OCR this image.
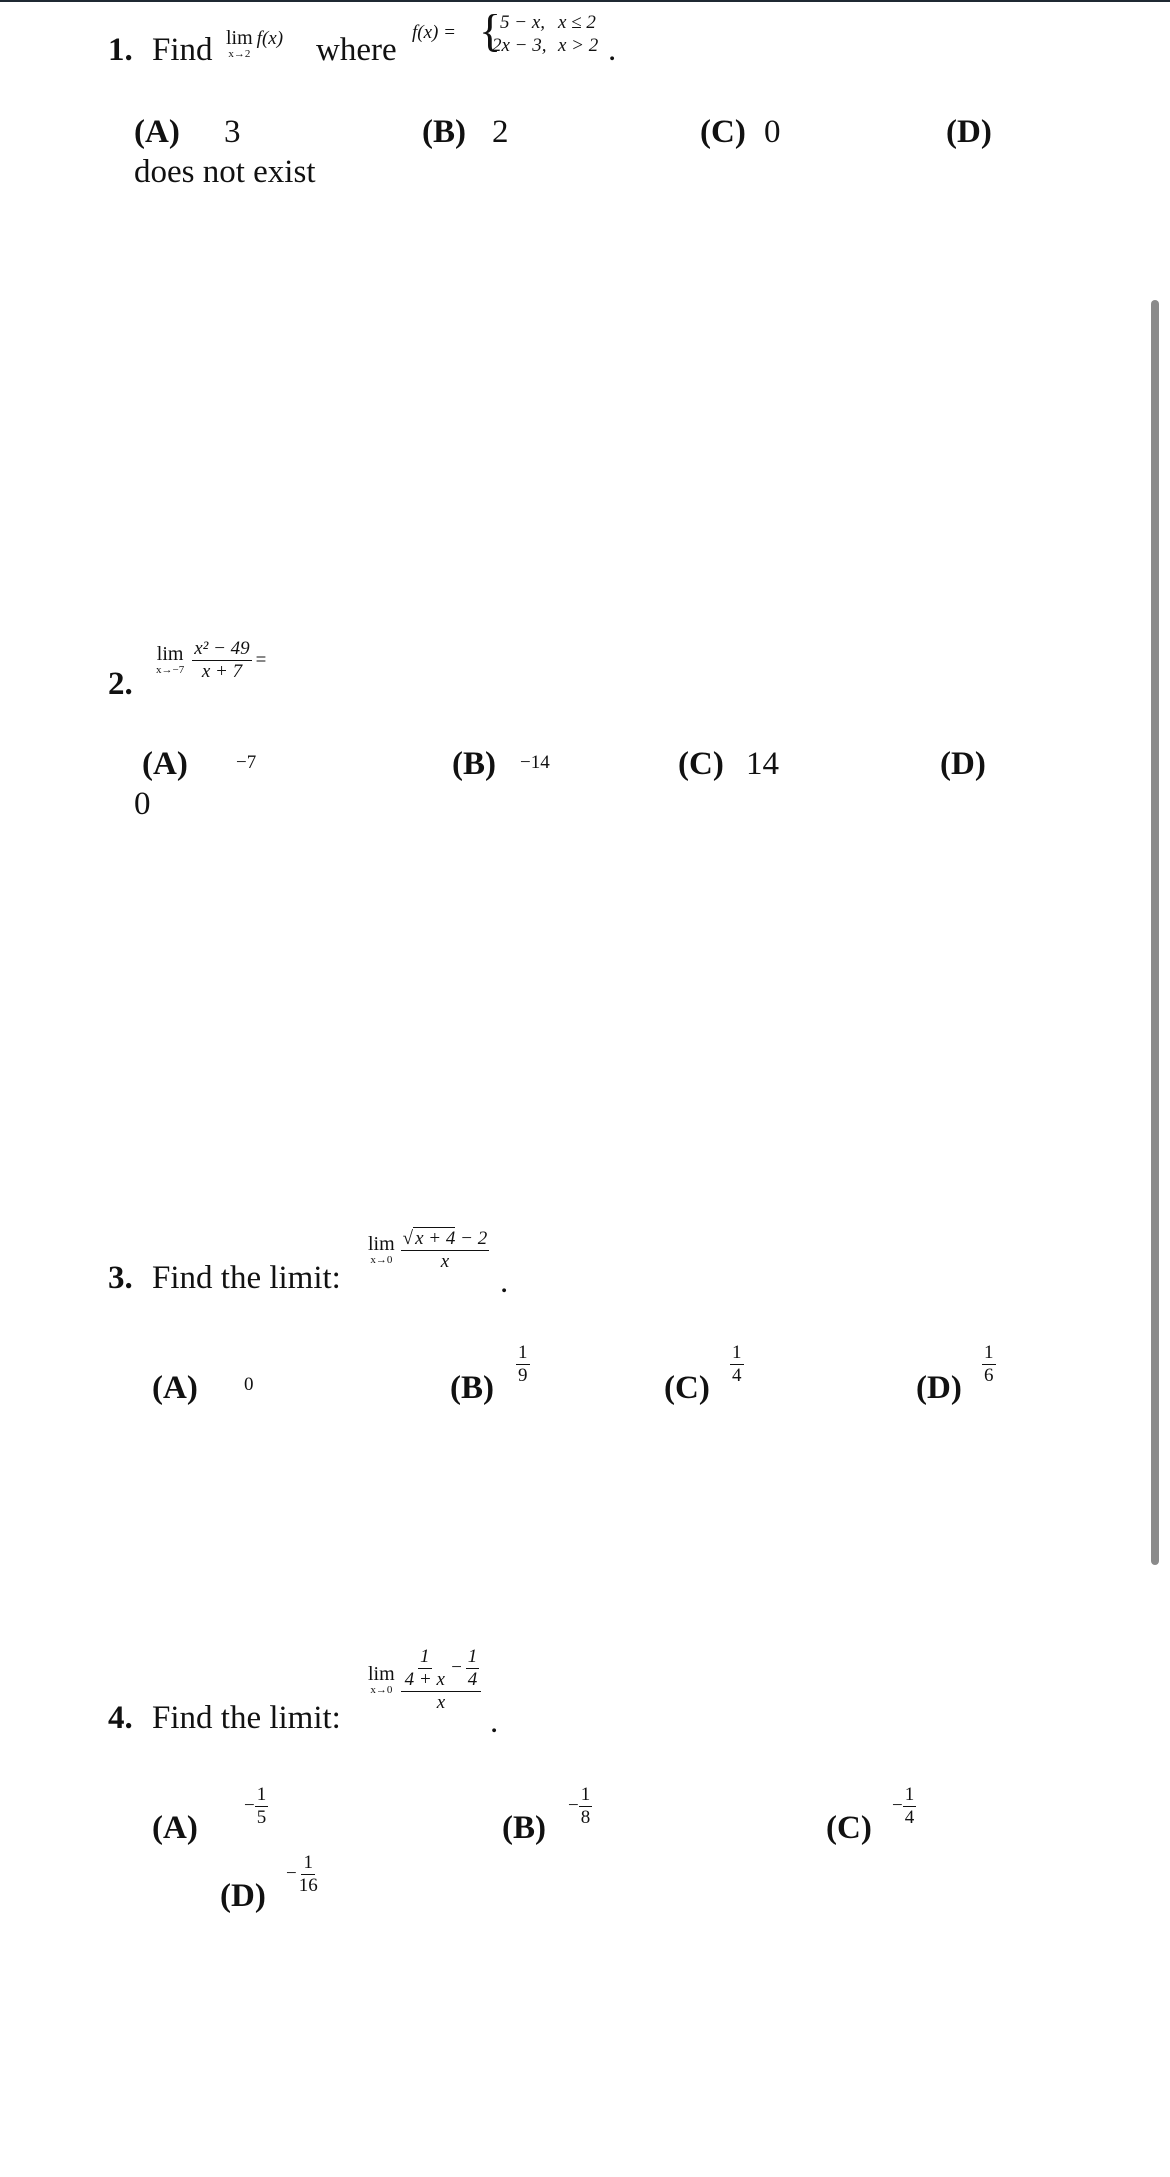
1. Find lim
x→2
f(x) where f(x) = {
5 − x, x ≤ 2
2x − 3, x > 2 .
(A) 3	(B) 2	(C) 0	(D)
does not exist
2.
lim
x→−7
$\frac{\text{x² − 49}}{x + 7}$ =
(A)	−7	(B) −14	(C) 14	(D)
0
3. Find the limit:
lim
x→0
$\frac{√ x + 4 - 2}{x}$
.
(A) 0	(B)
$\frac{1}{9}$
(C)
$\frac{1}{4}$
(D)
$\frac{1}{6}$
4. Find the limit:
lim
x→0
$\frac{\frac{1}{4 + x} - \frac{1}{4}}{x}$
.
(A)
− $\frac{1}{5}$	(B)
− $\frac{1}{8}$	(C)
− $\frac{1}{4}$
(D)
− $\frac{1}{16}$
